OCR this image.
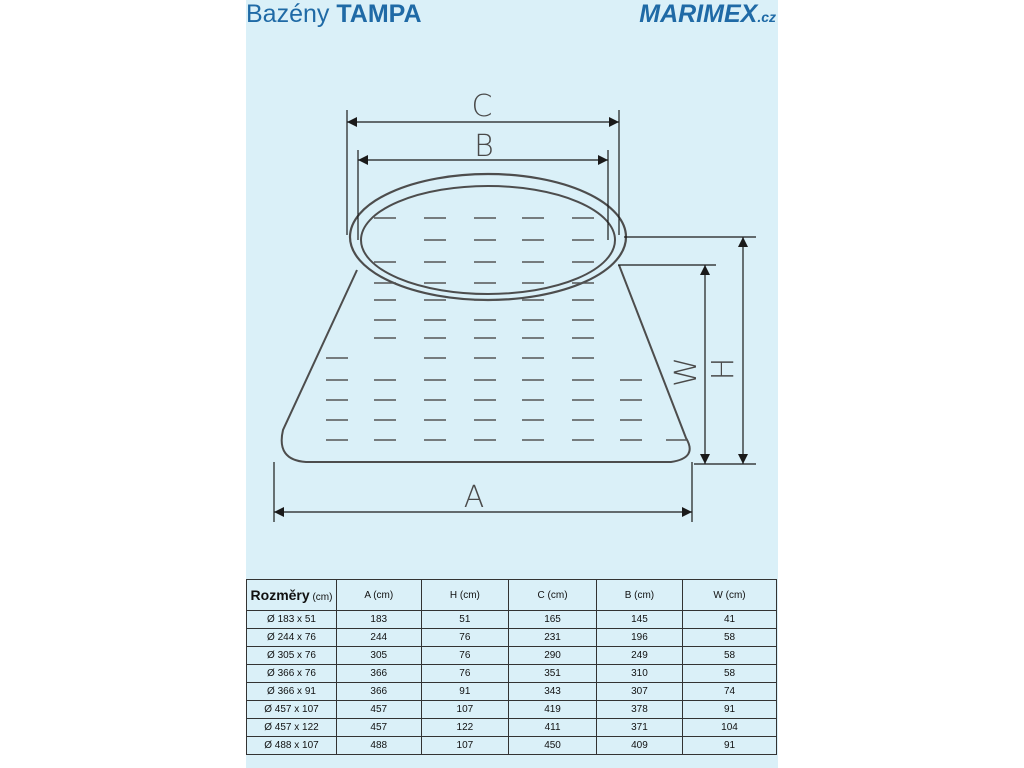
Bazény TAMPA	MARIMEX.cz
C
B
A
H
W
Rozměry (cm)	A (cm)	H (cm)	C (cm)	B (cm)	W (cm)
Ø 183 x 51	183	51	165	145	41
Ø 244 x 76	244	76	231	196	58
Ø 305 x 76	305	76	290	249	58
Ø 366 x 76	366	76	351	310	58
Ø 366 x 91	366	91	343	307	74
Ø 457 x 107	457	107	419	378	91
Ø 457 x 122	457	122	411	371	104
Ø 488 x 107	488	107	450	409	91
